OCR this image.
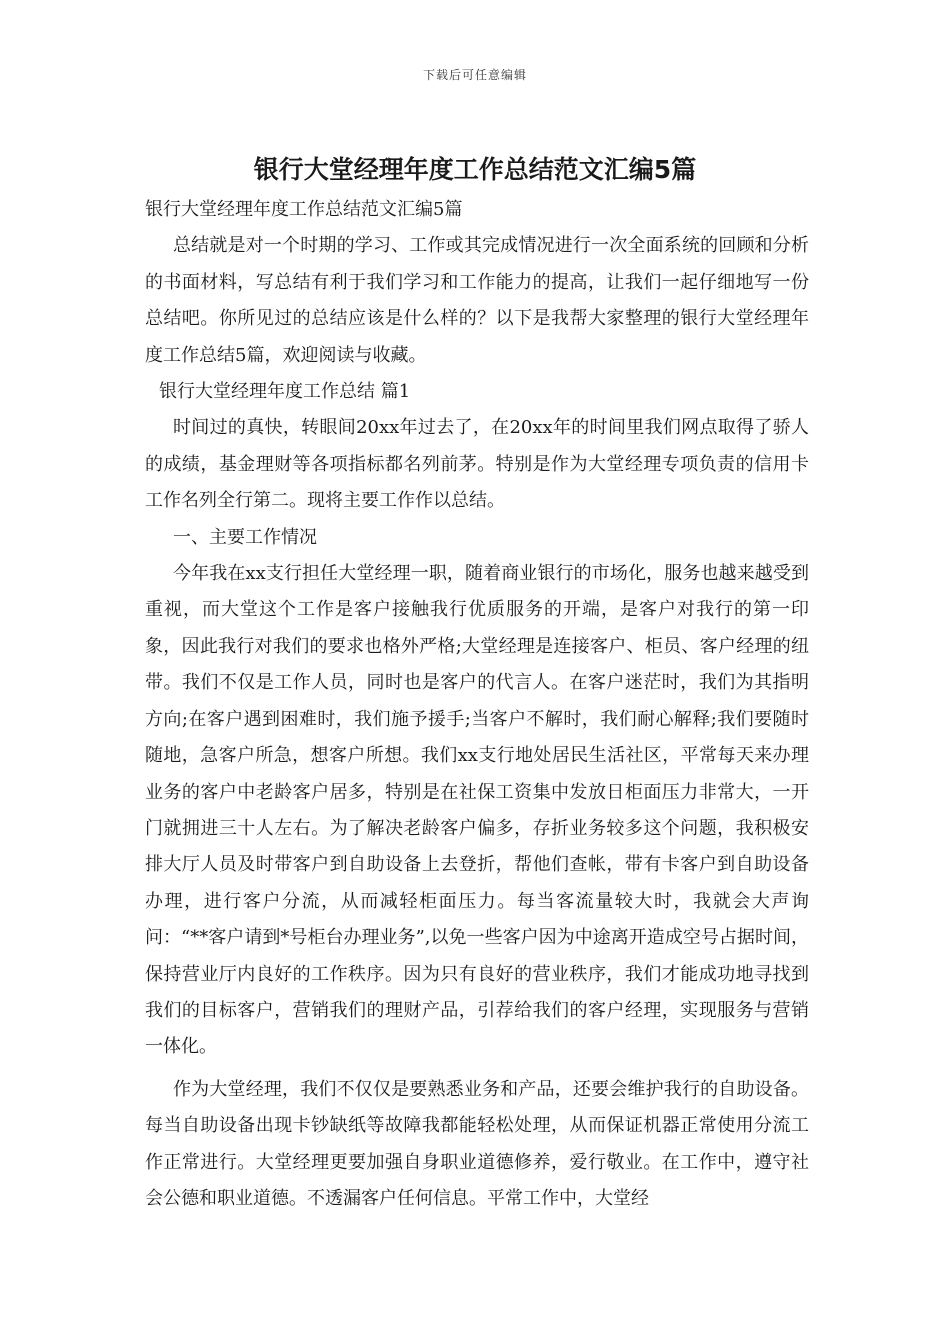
下载后可任意编辑
银行大堂经理年度工作总结范文汇编5篇

银行大堂经理年度工作总结范文汇编5篇

总结就是对一个时期的学习、工作或其完成情况进行一次全面系统的回顾和分析的书面材料，写总结有利于我们学习和工作能力的提高，让我们一起仔细地写一份总结吧。你所见过的总结应该是什么样的？以下是我帮大家整理的银行大堂经理年度工作总结5篇，欢迎阅读与收藏。

银行大堂经理年度工作总结 篇1

时间过的真快，转眼间20xx年过去了，在20xx年的时间里我们网点取得了骄人的成绩，基金理财等各项指标都名列前茅。特别是作为大堂经理专项负责的信用卡工作名列全行第二。现将主要工作作以总结。

一、主要工作情况

今年我在xx支行担任大堂经理一职，随着商业银行的市场化，服务也越来越受到重视，而大堂这个工作是客户接触我行优质服务的开端，是客户对我行的第一印象，因此我行对我们的要求也格外严格;大堂经理是连接客户、柜员、客户经理的纽带。我们不仅是工作人员，同时也是客户的代言人。在客户迷茫时，我们为其指明方向;在客户遇到困难时，我们施予援手;当客户不解时，我们耐心解释;我们要随时随地，急客户所急，想客户所想。我们xx支行地处居民生活社区，平常每天来办理业务的客户中老龄客户居多，特别是在社保工资集中发放日柜面压力非常大，一开门就拥进三十人左右。为了解决老龄客户偏多，存折业务较多这个问题，我积极安排大厅人员及时带客户到自助设备上去登折，帮他们查帐，带有卡客户到自助设备办理，进行客户分流，从而减轻柜面压力。每当客流量较大时，我就会大声询问：“**客户请到*号柜台办理业务”,以免一些客户因为中途离开造成空号占据时间，保持营业厅内良好的工作秩序。因为只有良好的营业秩序，我们才能成功地寻找到我们的目标客户，营销我们的理财产品，引荐给我们的客户经理，实现服务与营销一体化。

作为大堂经理，我们不仅仅是要熟悉业务和产品，还要会维护我行的自助设备。每当自助设备出现卡钞缺纸等故障我都能轻松处理，从而保证机器正常使用分流工作正常进行。大堂经理更要加强自身职业道德修养，爱行敬业。在工作中，遵守社会公德和职业道德。不透漏客户任何信息。平常工作中，大堂经
